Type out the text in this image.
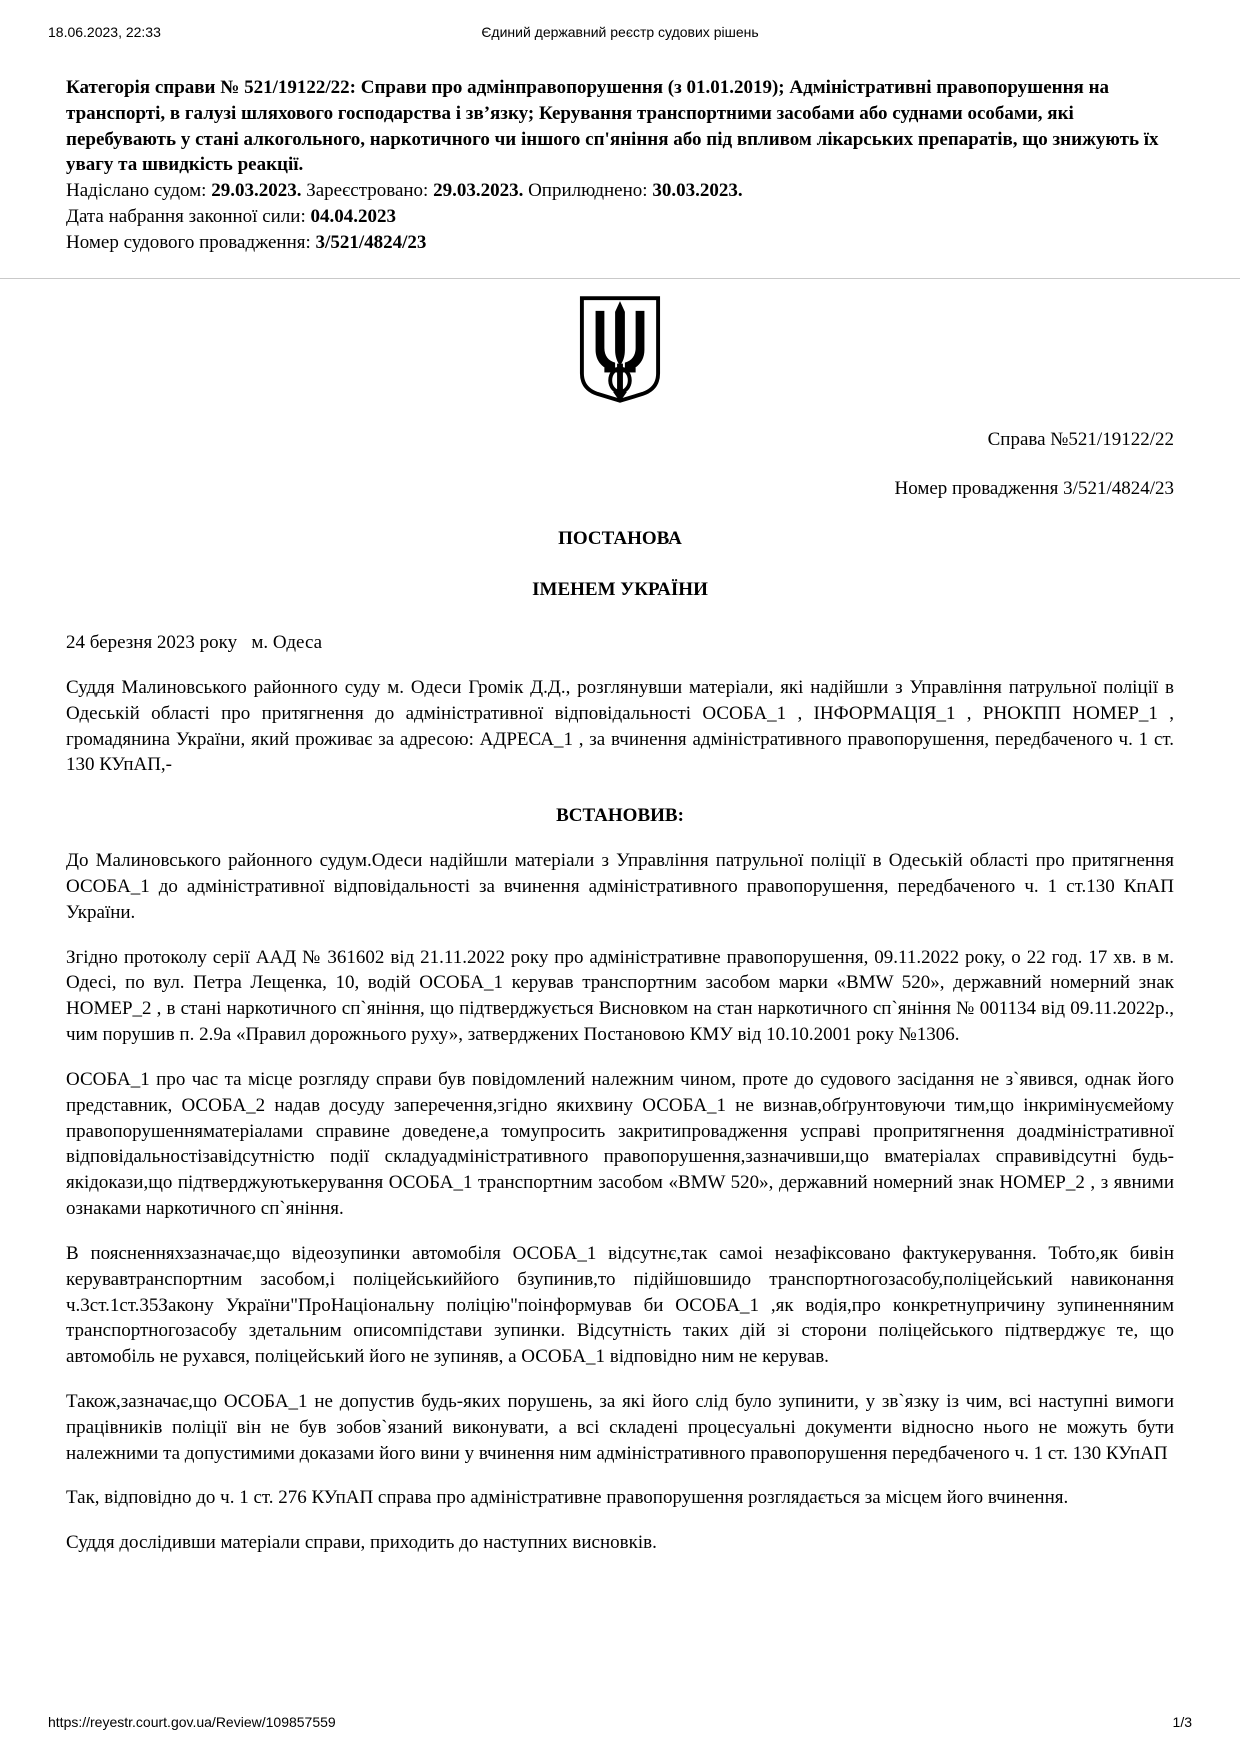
18.06.2023, 22:33	Єдиний державний реєстр судових рішень

Категорія справи № 521/19122/22: Справи про адмінправопорушення (з 01.01.2019); Адміністративні правопорушення на транспорті, в галузі шляхового господарства і зв’язку; Керування транспортними засобами або суднами особами, які перебувають у стані алкогольного, наркотичного чи іншого сп'яніння або під впливом лікарських препаратів, що знижують їх увагу та швидкість реакції.

Надіслано судом: 29.03.2023. Зареєстровано: 29.03.2023. Оприлюднено: 30.03.2023.

Дата набрання законної сили: 04.04.2023

Номер судового провадження: 3/521/4824/23

Справа №521/19122/22
Номер провадження 3/521/4824/23
ПОСТАНОВА
ІМЕНЕМ УКРАЇНИ
24 березня 2023 року   м. Одеса

Суддя Малиновського районного суду м. Одеси Громік Д.Д., розглянувши матеріали, які надійшли з Управління патрульної поліції в Одеській області про притягнення до адміністративної відповідальності ОСОБА_1 , ІНФОРМАЦІЯ_1 , РНОКПП НОМЕР_1 , громадянина України, який проживає за адресою: АДРЕСА_1 , за вчинення адміністративного правопорушення, передбаченого ч. 1 ст. 130 КУпАП,-

ВСТАНОВИВ:

До Малиновського районного судум.Одеси надійшли матеріали з Управління патрульної поліції в Одеській області про притягнення ОСОБА_1 до адміністративної відповідальності за вчинення адміністративного правопорушення, передбаченого ч. 1 ст.130 КпАП України.

Згідно протоколу серії ААД № 361602 від 21.11.2022 року про адміністративне правопорушення, 09.11.2022 року, о 22 год. 17 хв. в м. Одесі, по вул. Петра Лещенка, 10, водій ОСОБА_1 керував транспортним засобом марки «BMW 520», державний номерний знак НОМЕР_2 , в стані наркотичного сп`яніння, що підтверджується Висновком на стан наркотичного сп`яніння № 001134 від 09.11.2022р., чим порушив п. 2.9а «Правил дорожнього руху», затверджених Постановою КМУ від 10.10.2001 року №1306.

ОСОБА_1 про час та місце розгляду справи був повідомлений належним чином, проте до судового засідання не з`явився, однак його представник, ОСОБА_2 надав досуду заперечення,згідно якихвину ОСОБА_1 не визнав,обґрунтовуючи тим,що інкримінуємейому правопорушенняматеріалами справине доведене,а томупросить закритипровадження усправі пропритягнення доадміністративної відповідальностізавідсутністю події складуадміністративного правопорушення,зазначивши,що вматеріалах справивідсутні будь-якідокази,що підтверджуютькерування ОСОБА_1 транспортним засобом «BMW 520», державний номерний знак НОМЕР_2 , з явними ознаками наркотичного сп`яніння.

В поясненняхзазначає,що відеозупинки автомобіля ОСОБА_1 відсутнє,так самоі незафіксовано фактукерування. Тобто,як бивін керувавтранспортним засобом,і поліцейськиййого бзупинив,то підійшовшидо транспортногозасобу,поліцейський навиконання ч.3ст.1ст.35Закону України"ПроНаціональну поліцію"поінформував би ОСОБА_1 ,як водія,про конкретнупричину зупиненняним транспортногозасобу здетальним описомпідстави зупинки. Відсутність таких дій зі сторони поліцейського підтверджує те, що автомобіль не рухався, поліцейський його не зупиняв, а ОСОБА_1 відповідно ним не керував.

Також,зазначає,що ОСОБА_1 не допустив будь-яких порушень, за які його слід було зупинити, у зв`язку із чим, всі наступні вимоги працівників поліції він не був зобов`язаний виконувати, а всі складені процесуальні документи відносно нього не можуть бути належними та допустимими доказами його вини у вчинення ним адміністративного правопорушення передбаченого ч. 1 ст. 130 КУпАП

Так, відповідно до ч. 1 ст. 276 КУпАП справа про адміністративне правопорушення розглядається за місцем його вчинення.

Суддя дослідивши матеріали справи, приходить до наступних висновків.

https://reyestr.court.gov.ua/Review/109857559	1/3
